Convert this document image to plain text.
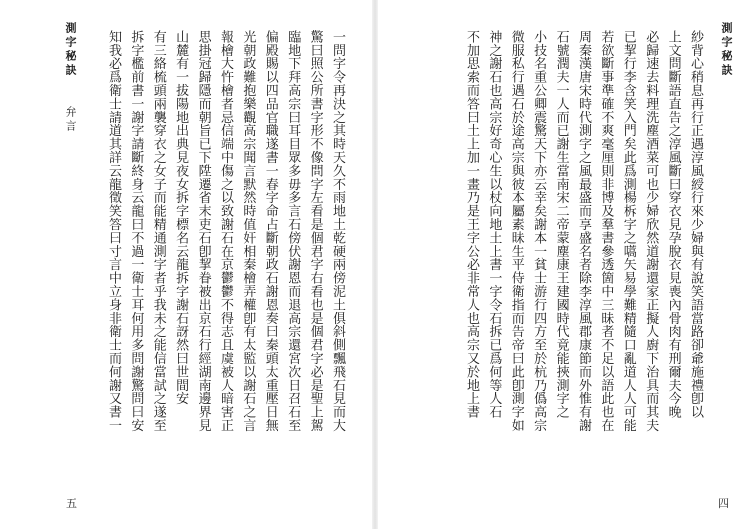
一問字令再決之其時天久不雨地土乾硬兩傍泥土俱斜側飄飛石見而大
驚曰照公所書字形不像問字左看是個君字右看也是個君字必是聖上駕
臨地下拜高宗曰耳目眾多毋多言石傍伏謝恩而退高宗還宮次日召石至
偏殿賜以四品官職遂書一春字命占斷朝政石謝恩奏曰秦頭太重壓日無
光朝政難抱樂觀高宗聞言默然時值奸相秦檜弄權卽有太監以謝石之言
報檜大忤檜者忌信端中傷之以致謝石在京鬱鬱不得志且虞被人暗害正
思掛冠歸隱而朝旨已下陞遷省末吏石卽挈眷被出京石行經湖南邊界見
山麓有一拔陽地出典見夜女拆字標名云龍拆字謝石訝然曰世間安
有三絡梳頭兩襲穿衣之女子而能精通測字者乎我未之能信當試之遂至
拆字檻前書一謝字請斷終身云龍曰不過一衛士耳何用多問謝驚問曰安
知我必爲衛士請道其詳云龍徵笑答曰寸言中立身非衛士而何謝又書一
測字秘訣 弁言
五
紗背心稍息再行正遇淳風綬行來少婦與有說笑語當路卻爺施禮卽以
上文問斷語直告之淳風斷曰穿衣見孕脫衣見喪內骨肉有刑爾夫今晚
必歸速去料理洗塵酒菜可也少婦欣然道謝還家正擬人廚下治具而其夫
已挈行李含笑入門矣此爲測楊柝字之嚆矢易學難精隨口亂道人人可能
若欲斷事準確不爽毫厘則非博及羣書參透箇中三昧者不足以語此也在
周秦漢唐宋時代測字之風最盛而享盛名者除李淳風郡康節而外惟有謝
石號潤夫一人而已謝生當南宋二帝蒙塵康王建國時代竟能挾測字之
小技名重公卿震驚天下亦云幸矣謝本一貧士游行四方至於杭乃僞高宗
微服私行遇石於途高宗與彼本屬素昧生平侍衛指而告帝曰此卽測字如
神之謝石也高宗好奇心生以杖向地土上書一字令石拆已爲何等人石
不加思索而答曰土上加一畫乃是王字公必非常人也高宗又於地上書	測字秘訣
四
